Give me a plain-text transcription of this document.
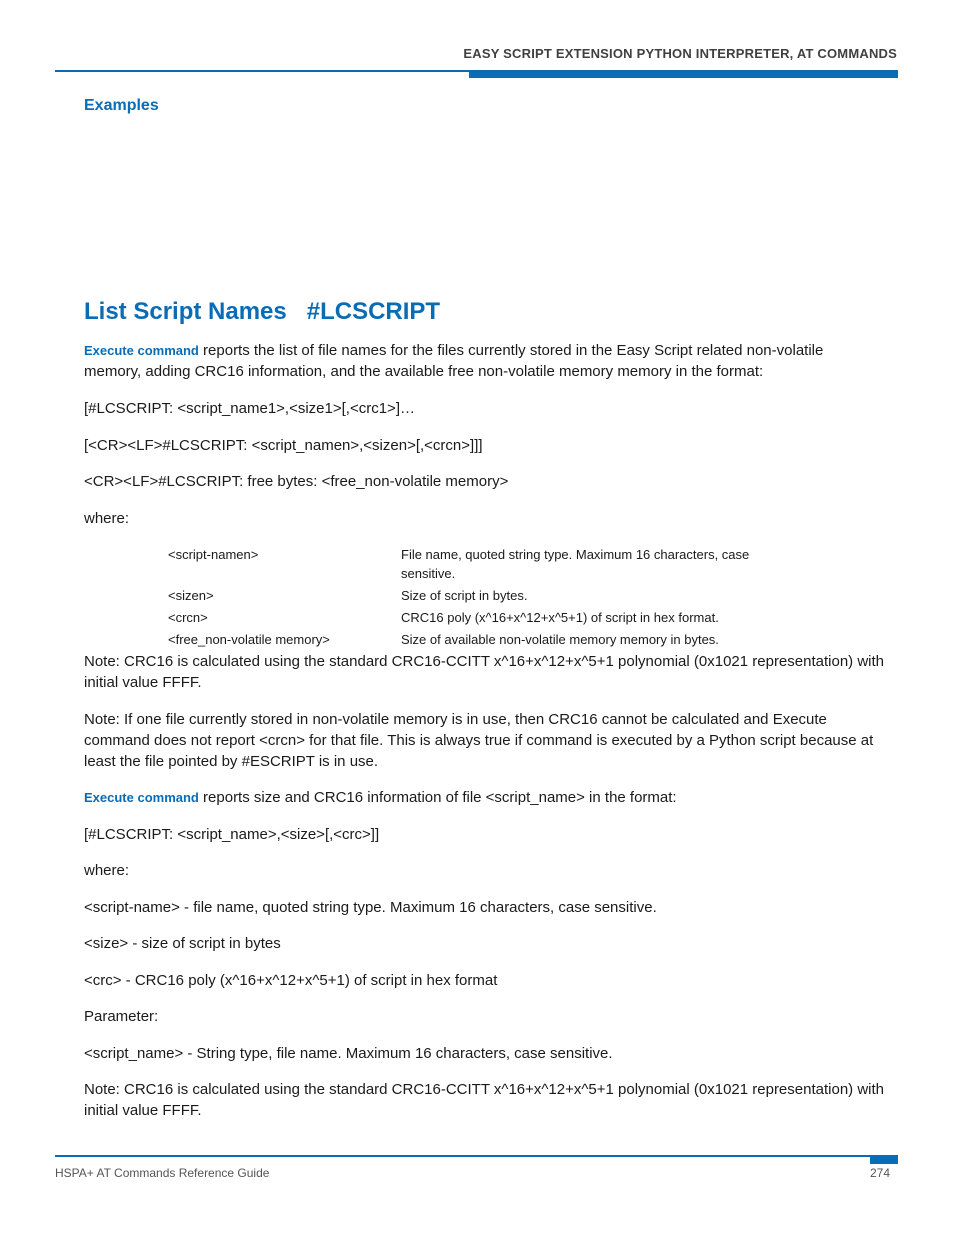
EASY SCRIPT EXTENSION PYTHON INTERPRETER, AT COMMANDS
Examples
List Script Names   #LCSCRIPT
Execute command reports the list of file names for the files currently stored in the Easy Script related non-volatile memory, adding CRC16 information, and the available free non-volatile memory memory in the format:
[#LCSCRIPT: <script_name1>,<size1>[,<crc1>]…
[<CR><LF>#LCSCRIPT: <script_namen>,<sizen>[,<crcn>]]]
<CR><LF>#LCSCRIPT: free bytes: <free_non-volatile memory>
where:
<script-namen>	File name, quoted string type. Maximum 16 characters, case sensitive.
<sizen>	Size of script in bytes.
<crcn>	CRC16 poly (x^16+x^12+x^5+1) of script in hex format.
<free_non-volatile memory>	Size of available non-volatile memory memory in bytes.
Note: CRC16 is calculated using the standard CRC16-CCITT x^16+x^12+x^5+1 polynomial (0x1021 representation) with initial value FFFF.
Note: If one file currently stored in non-volatile memory is in use, then CRC16 cannot be calculated and Execute command does not report <crcn> for that file. This is always true if command is executed by a Python script because at least the file pointed by #ESCRIPT is in use.
Execute command reports size and CRC16 information of file <script_name> in the format:
[#LCSCRIPT: <script_name>,<size>[,<crc>]]
where:
<script-name> - file name, quoted string type. Maximum 16 characters, case sensitive.
<size> - size of script in bytes
<crc> - CRC16 poly (x^16+x^12+x^5+1) of script in hex format
Parameter:
<script_name> - String type, file name. Maximum 16 characters, case sensitive.
Note: CRC16 is calculated using the standard CRC16-CCITT x^16+x^12+x^5+1 polynomial (0x1021 representation) with initial value FFFF.
HSPA+ AT Commands Reference Guide	274
